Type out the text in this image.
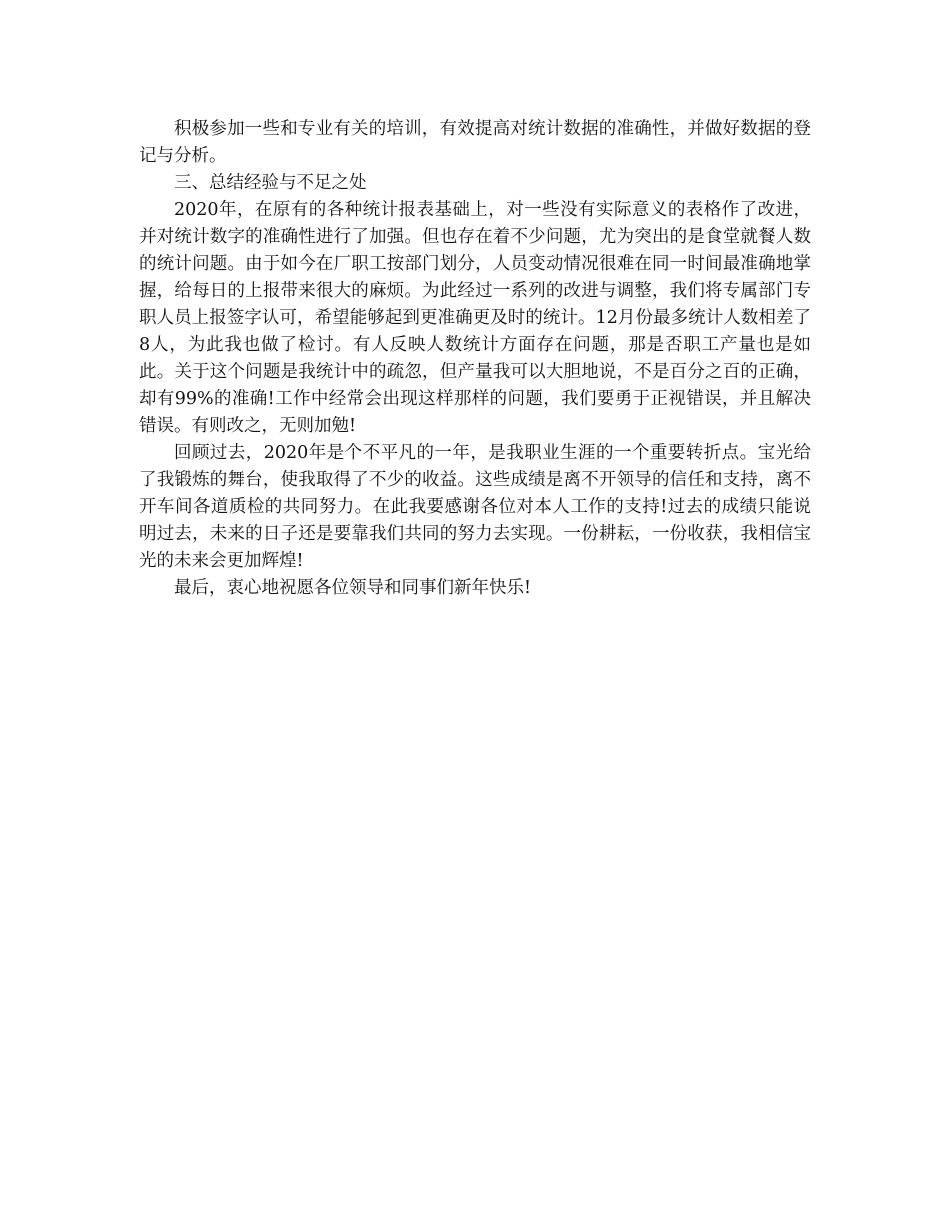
积极参加一些和专业有关的培训，有效提高对统计数据的准确性，并做好数据的登记与分析。

三、总结经验与不足之处

2020年，在原有的各种统计报表基础上，对一些没有实际意义的表格作了改进，并对统计数字的准确性进行了加强。但也存在着不少问题，尤为突出的是食堂就餐人数的统计问题。由于如今在厂职工按部门划分，人员变动情况很难在同一时间最准确地掌握，给每日的上报带来很大的麻烦。为此经过一系列的改进与调整，我们将专属部门专职人员上报签字认可，希望能够起到更准确更及时的统计。12月份最多统计人数相差了8人，为此我也做了检讨。有人反映人数统计方面存在问题，那是否职工产量也是如此。关于这个问题是我统计中的疏忽，但产量我可以大胆地说，不是百分之百的正确，却有99%的准确!工作中经常会出现这样那样的问题，我们要勇于正视错误，并且解决错误。有则改之，无则加勉!

回顾过去，2020年是个不平凡的一年，是我职业生涯的一个重要转折点。宝光给了我锻炼的舞台，使我取得了不少的收益。这些成绩是离不开领导的信任和支持，离不开车间各道质检的共同努力。在此我要感谢各位对本人工作的支持!过去的成绩只能说明过去，未来的日子还是要靠我们共同的努力去实现。一份耕耘，一份收获，我相信宝光的未来会更加辉煌!

最后，衷心地祝愿各位领导和同事们新年快乐!
